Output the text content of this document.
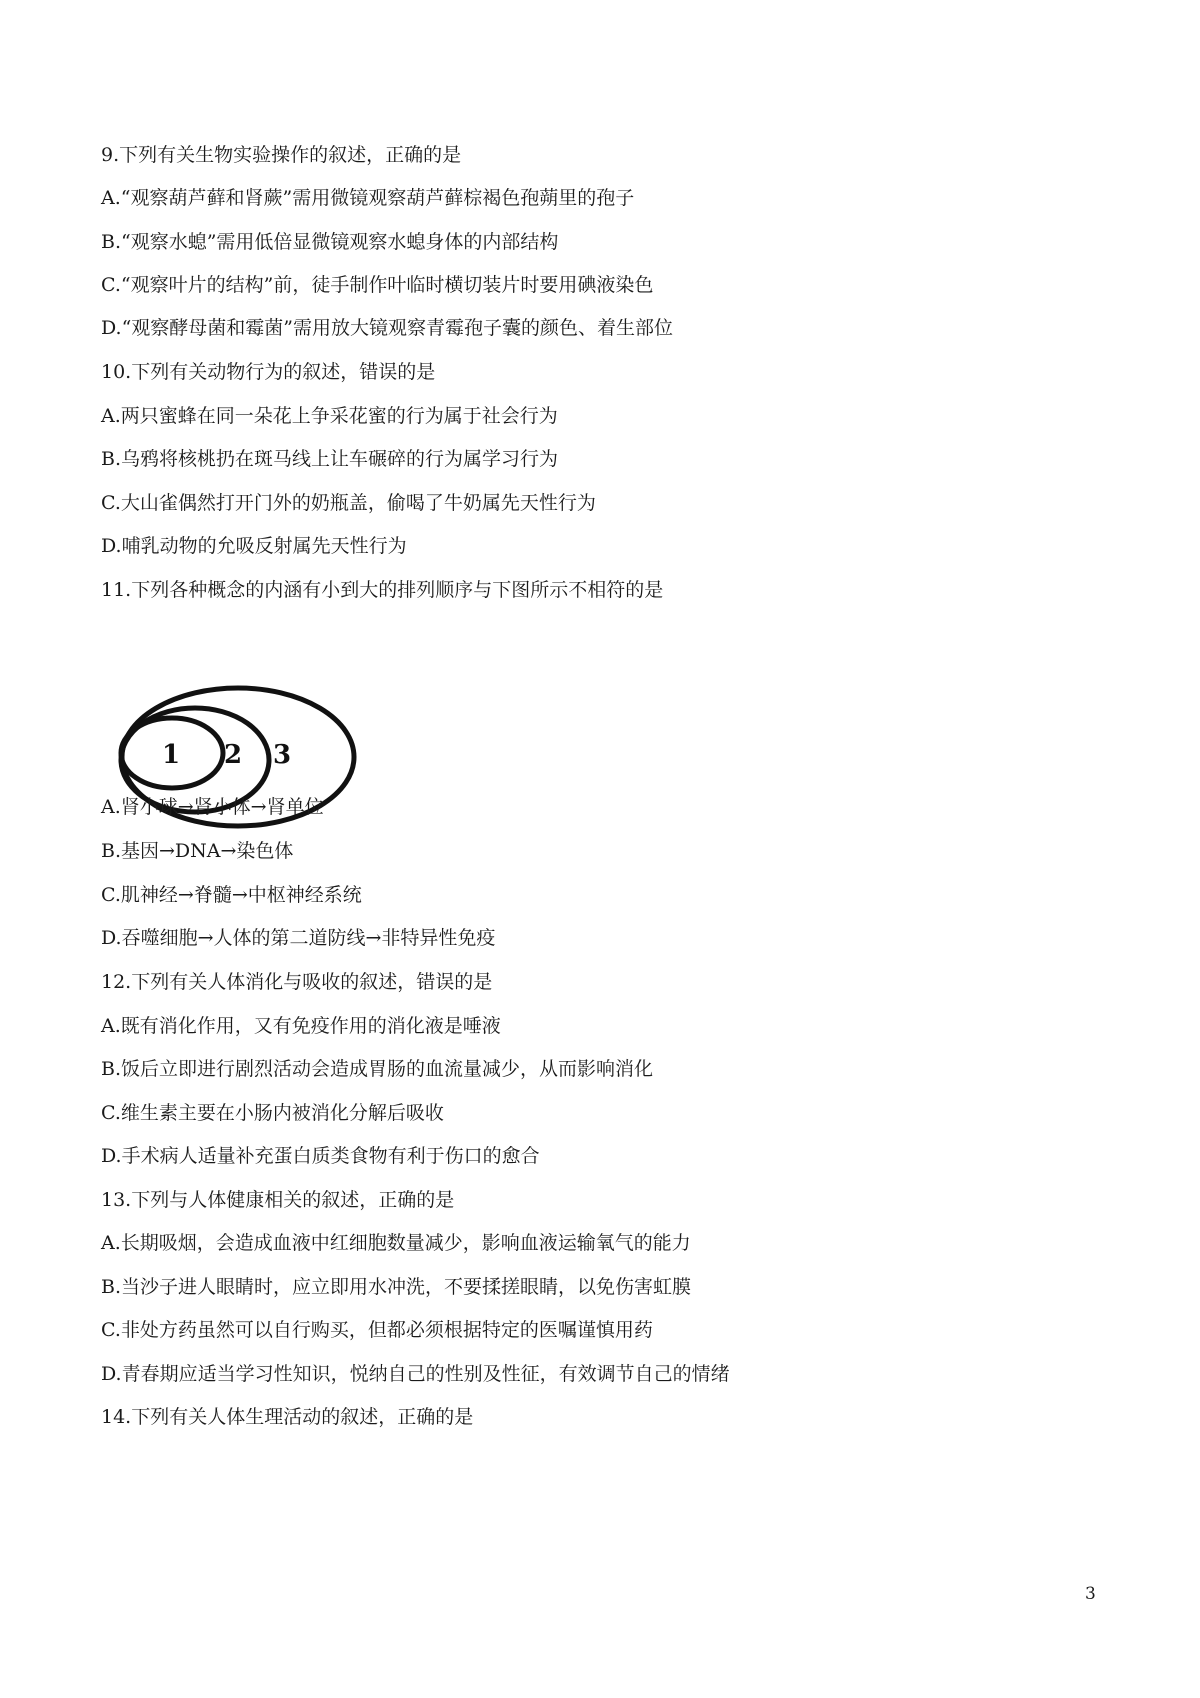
9.下列有关生物实验操作的叙述，正确的是
A.“观察葫芦藓和肾蕨”需用微镜观察葫芦藓棕褐色孢蒴里的孢子
B.“观察水螅”需用低倍显微镜观察水螅身体的内部结构
C.“观察叶片的结构”前，徒手制作叶临时横切装片时要用碘液染色
D.“观察酵母菌和霉菌”需用放大镜观察青霉孢子囊的颜色、着生部位
10.下列有关动物行为的叙述，错误的是
A.两只蜜蜂在同一朵花上争采花蜜的行为属于社会行为
B.乌鸦将核桃扔在斑马线上让车碾碎的行为属学习行为
C.大山雀偶然打开门外的奶瓶盖，偷喝了牛奶属先天性行为
D.哺乳动物的允吸反射属先天性行为
11.下列各种概念的内涵有小到大的排列顺序与下图所示不相符的是
1 2 3
A.肾小球→肾小体→肾单位
B.基因→DNA→染色体
C.肌神经→脊髓→中枢神经系统
D.吞噬细胞→人体的第二道防线→非特异性免疫
12.下列有关人体消化与吸收的叙述，错误的是
A.既有消化作用，又有免疫作用的消化液是唾液
B.饭后立即进行剧烈活动会造成胃肠的血流量减少，从而影响消化
C.维生素主要在小肠内被消化分解后吸收
D.手术病人适量补充蛋白质类食物有利于伤口的愈合
13.下列与人体健康相关的叙述，正确的是
A.长期吸烟，会造成血液中红细胞数量减少，影响血液运输氧气的能力
B.当沙子进人眼睛时，应立即用水冲洗，不要揉搓眼睛，以免伤害虹膜
C.非处方药虽然可以自行购买，但都必须根据特定的医嘱谨慎用药
D.青春期应适当学习性知识，悦纳自己的性别及性征，有效调节自己的情绪
14.下列有关人体生理活动的叙述，正确的是
3
